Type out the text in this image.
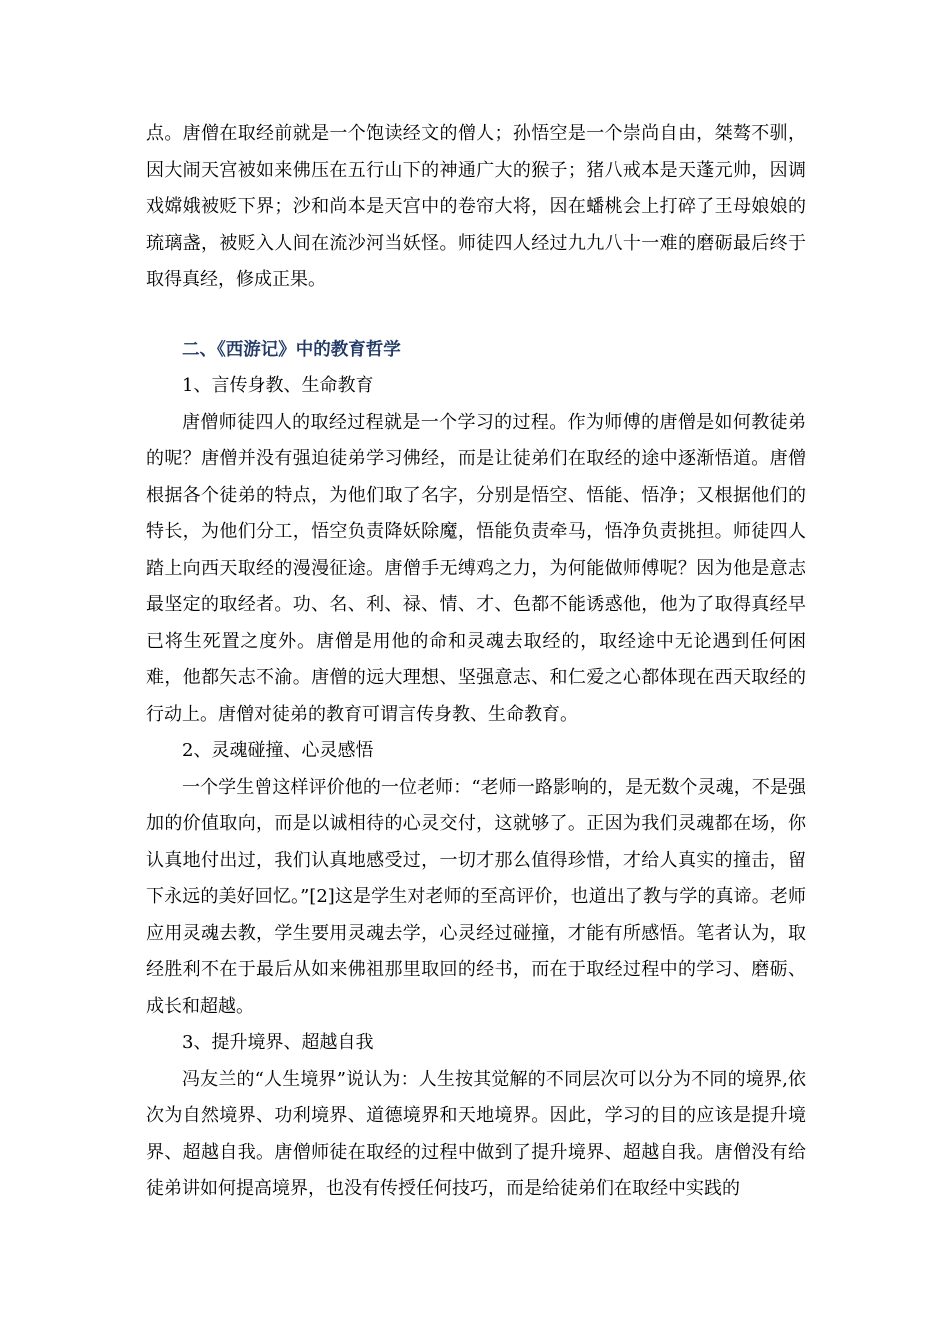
点。唐僧在取经前就是一个饱读经文的僧人；孙悟空是一个崇尚自由，桀骜不驯，因大闹天宫被如来佛压在五行山下的神通广大的猴子；猪八戒本是天蓬元帅，因调戏嫦娥被贬下界；沙和尚本是天宫中的卷帘大将，因在蟠桃会上打碎了王母娘娘的琉璃盏，被贬入人间在流沙河当妖怪。师徒四人经过九九八十一难的磨砺最后终于取得真经，修成正果。

二、《西游记》中的教育哲学

1、言传身教、生命教育

唐僧师徒四人的取经过程就是一个学习的过程。作为师傅的唐僧是如何教徒弟的呢？唐僧并没有强迫徒弟学习佛经，而是让徒弟们在取经的途中逐渐悟道。唐僧根据各个徒弟的特点，为他们取了名字，分别是悟空、悟能、悟净；又根据他们的特长，为他们分工，悟空负责降妖除魔，悟能负责牵马，悟净负责挑担。师徒四人踏上向西天取经的漫漫征途。唐僧手无缚鸡之力，为何能做师傅呢？因为他是意志最坚定的取经者。功、名、利、禄、情、才、色都不能诱惑他，他为了取得真经早已将生死置之度外。唐僧是用他的命和灵魂去取经的，取经途中无论遇到任何困难，他都矢志不渝。唐僧的远大理想、坚强意志、和仁爱之心都体现在西天取经的行动上。唐僧对徒弟的教育可谓言传身教、生命教育。

2、灵魂碰撞、心灵感悟

一个学生曾这样评价他的一位老师：“老师一路影响的，是无数个灵魂，不是强加的价值取向，而是以诚相待的心灵交付，这就够了。正因为我们灵魂都在场，你认真地付出过，我们认真地感受过，一切才那么值得珍惜，才给人真实的撞击，留下永远的美好回忆。”[2]这是学生对老师的至高评价，也道出了教与学的真谛。老师应用灵魂去教，学生要用灵魂去学，心灵经过碰撞，才能有所感悟。笔者认为，取经胜利不在于最后从如来佛祖那里取回的经书，而在于取经过程中的学习、磨砺、成长和超越。

3、提升境界、超越自我

冯友兰的“人生境界”说认为：人生按其觉解的不同层次可以分为不同的境界,依次为自然境界、功利境界、道德境界和天地境界。因此，学习的目的应该是提升境界、超越自我。唐僧师徒在取经的过程中做到了提升境界、超越自我。唐僧没有给徒弟讲如何提高境界，也没有传授任何技巧，而是给徒弟们在取经中实践的
